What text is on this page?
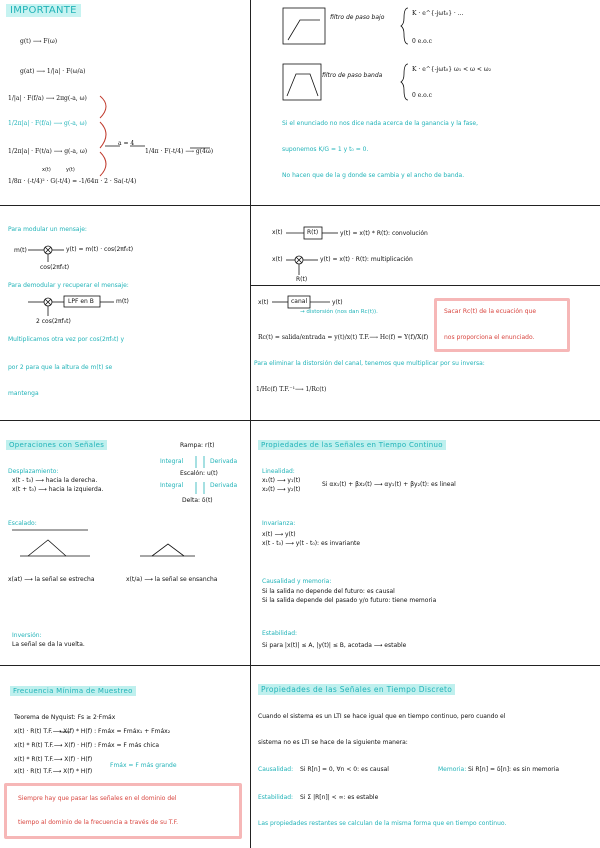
IMPORTANTE
g(t) ⟶ F(ω)
g(at) ⟶ 1/|a| · F(ω/a)
1/|a| · F(f/a) ⟶ 2πg(-a, ω)
1/2π|a| · F(f/a) ⟶ g(-a, ω)
1/2π|a| · F(t/a) ⟶ g(-a, ω)
a = 4
1/4π · F(-t/4) ⟶ g(4ω)
1/8π · (-t/4)² · G(-t/4) = -1/64π · 2 · Sa(-t/4)
x(t)	y(t)
filtro de paso bajo
K · e^{-jωt₀} · ...
0 e.o.c
filtro de paso banda
K · e^{-jωt₀} ω₁ < ω < ω₂
0 e.o.c
Si el enunciado no nos dice nada acerca de la ganancia y la fase,
suponemos K/G = 1 y t₀ = 0.
No hacen que de la g donde se cambia y el ancho de banda.
Para modular un mensaje:
m(t)	y(t) = m(t) · cos(2πf₀t)
cos(2πf₀t)
Para demodular y recuperar el mensaje:
LPF en B	m(t)
2 cos(2πf₀t)
Multiplicamos otra vez por cos(2πf₀t) y
por 2 para que la altura de m(t) se
mantenga
x(t)	R(t)	y(t) = x(t) * R(t): convolución
x(t)	y(t) = x(t) · R(t): multiplicación
R(t)
x(t)	canal	y(t)
→ distorsión (nos dan Rc(t)).
Rc(t) = salida/entrada = y(t)/x(t) T.F.⟶ Hc(f) = Y(f)/X(f)
Para eliminar la distorsión del canal, tenemos que multiplicar por su inversa:
1/Hc(f) T.F.⁻¹⟶ 1/Rc(t)
Sacar Rc(t) de la ecuación que
nos proporciona el enunciado.
Operaciones con Señales	Rampa: r(t)
Escalón: u(t)
Delta: δ(t)
Integral
Integral
Derivada
Derivada
Desplazamiento:
x(t - t₀) ⟶ hacia la derecha.
x(t + t₀) ⟶ hacia la izquierda.
Escalado:
x(at) ⟶ la señal se estrecha	x(t/a) ⟶ la señal se ensancha
Inversión:
La señal se da la vuelta.
Propiedades de las Señales en Tiempo Continuo
Linealidad:
x₁(t) ⟶ y₁(t)
x₂(t) ⟶ y₂(t)
Si αx₁(t) + βx₂(t) ⟶ αy₁(t) + βy₂(t): es lineal
Invarianza:
x(t) ⟶ y(t)
x(t - t₀) ⟶ y(t - t₀): es invariante
Causalidad y memoria:
Si la salida no depende del futuro: es causal
Si la salida depende del pasado y/o futuro: tiene memoria
Estabilidad:
Si para |x(t)| ≤ A, |y(t)| ≤ B, acotada ⟶ estable
Frecuencia Mínima de Muestreo
Teorema de Nyquist: Fs ≥ 2·Fmáx
x(t) · R(t) T.F.⟶ X(f) * H(f) : Fmáx = Fmáx₁ + Fmáx₂
x(t) * R(t) T.F.⟶ X(f) · H(f) : Fmáx = F más chica
x(t) * R(t) T.F.⟶ X(f) · H(f)
x(t) · R(t) T.F.⟶ X(f) * H(f)
Fmáx = F más grande
Siempre hay que pasar las señales en el dominio del
tiempo al dominio de la frecuencia a través de su T.F.
Propiedades de las Señales en Tiempo Discreto
Cuando el sistema es un LTI se hace igual que en tiempo continuo, pero cuando el
sistema no es LTI se hace de la siguiente manera:
Causalidad: Si R[n] = 0, ∀n < 0: es causal	Memoria: Si R[n] = δ[n]: es sin memoria
Estabilidad: Si Σ |R[n]| < ∞: es estable
Las propiedades restantes se calculan de la misma forma que en tiempo continuo.
